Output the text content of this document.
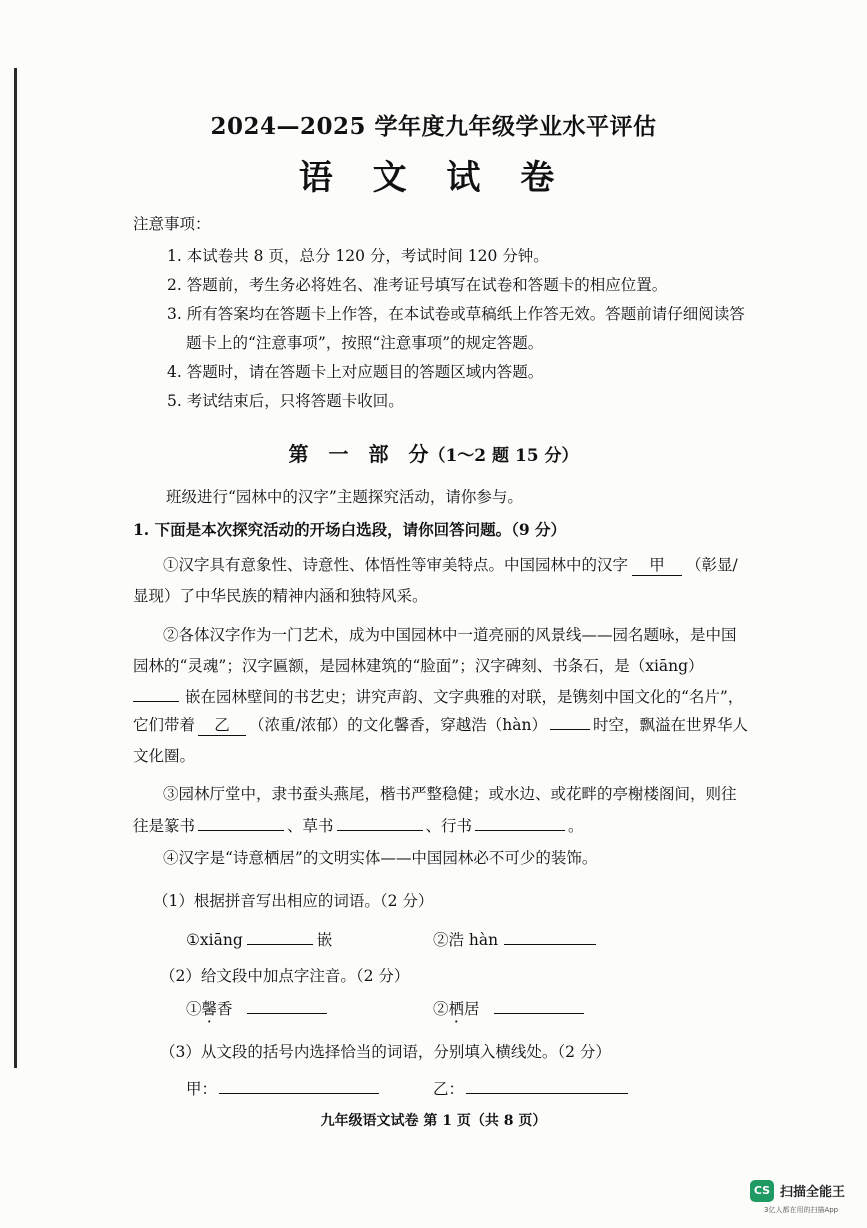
2024—2025 学年度九年级学业水平评估
语 文 试 卷
注意事项：
1. 本试卷共 8 页，总分 120 分，考试时间 120 分钟。
2. 答题前，考生务必将姓名、准考证号填写在试卷和答题卡的相应位置。
3. 所有答案均在答题卡上作答，在本试卷或草稿纸上作答无效。答题前请仔细阅读答
题卡上的“注意事项”，按照“注意事项”的规定答题。
4. 答题时，请在答题卡上对应题目的答题区域内答题。
5. 考试结束后，只将答题卡收回。
第　一　部　分（1～2 题 15 分）
班级进行“园林中的汉字”主题探究活动，请你参与。
1. 下面是本次探究活动的开场白选段，请你回答问题。（9 分）
①汉字具有意象性、诗意性、体悟性等审美特点。中国园林中的汉字 甲 （彰显/
显现）了中华民族的精神内涵和独特风采。
②各体汉字作为一门艺术，成为中国园林中一道亮丽的风景线——园名题咏，是中国
园林的“灵魂”；汉字匾额，是园林建筑的“脸面”；汉字碑刻、书条石，是（xiāng）
嵌在园林壁间的书艺史；讲究声韵、文字典雅的对联，是镌刻中国文化的“名片”，
它们带着 乙 （浓重/浓郁）的文化馨香，穿越浩（hàn）	时空，飘溢在世界华人
文化圈。
③园林厅堂中，隶书蚕头燕尾，楷书严整稳健；或水边、或花畔的亭榭楼阁间，则往
往是篆书	、草书	、行书	。
④汉字是“诗意栖居”的文明实体——中国园林必不可少的装饰。
（1）根据拼音写出相应的词语。（2 分）
①xiāng	嵌	②浩 hàn
（2）给文段中加点字注音。（2 分）
①馨香	②栖居
（3）从文段的括号内选择恰当的词语，分别填入横线处。（2 分）
甲：	乙：
九年级语文试卷 第 1 页（共 8 页）
CS 扫描全能王
3亿人都在用的扫描App
